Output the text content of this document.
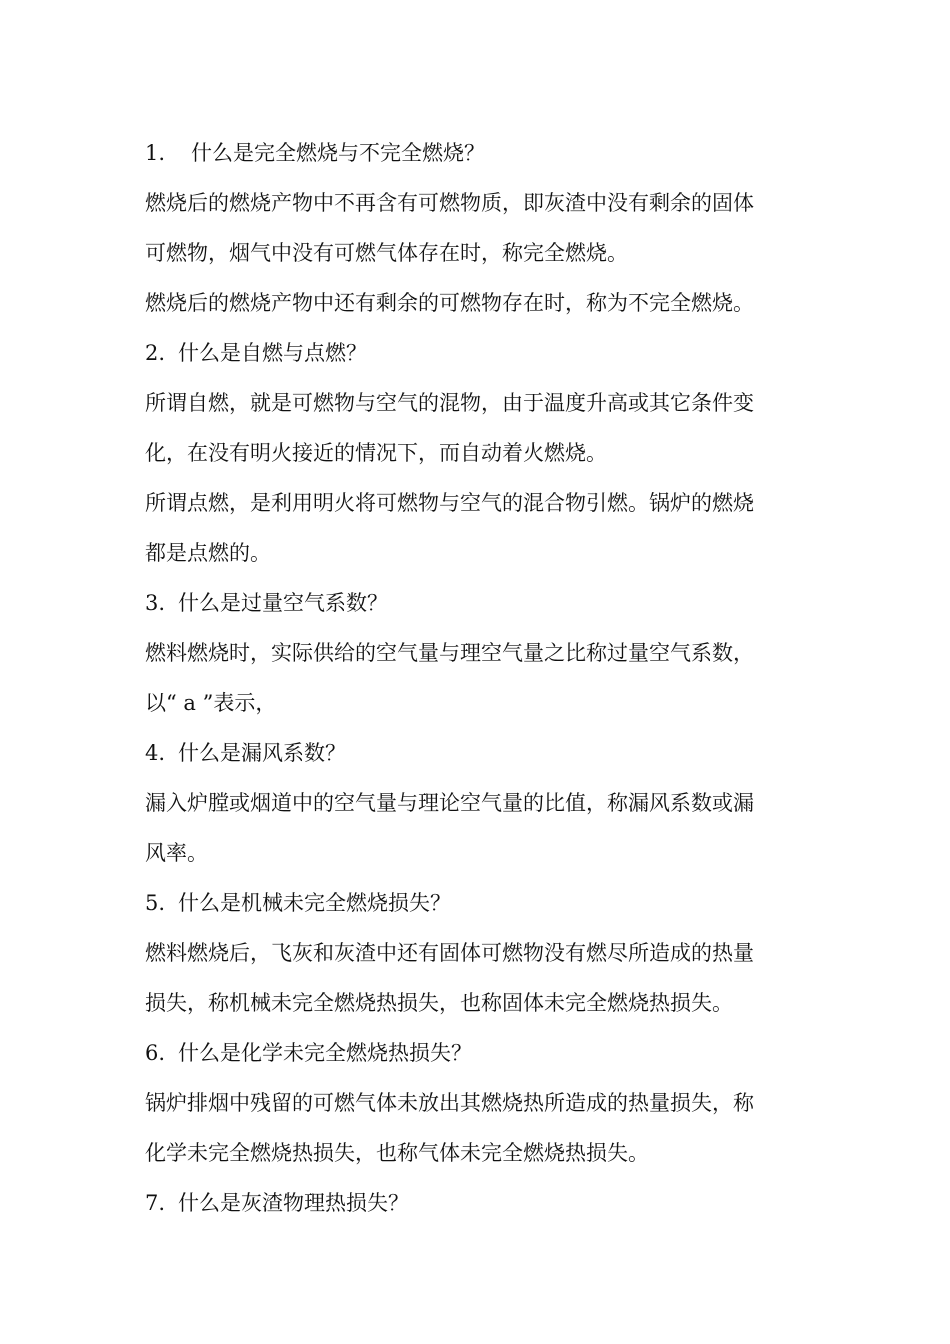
1. 什么是完全燃烧与不完全燃烧？
燃烧后的燃烧产物中不再含有可燃物质，即灰渣中没有剩余的固体
可燃物，烟气中没有可燃气体存在时，称完全燃烧。
燃烧后的燃烧产物中还有剩余的可燃物存在时，称为不完全燃烧。
2. 什么是自燃与点燃？
所谓自燃，就是可燃物与空气的混物，由于温度升高或其它条件变
化，在没有明火接近的情况下，而自动着火燃烧。
所谓点燃，是利用明火将可燃物与空气的混合物引燃。锅炉的燃烧
都是点燃的。
3. 什么是过量空气系数？
燃料燃烧时，实际供给的空气量与理空气量之比称过量空气系数，
以“ a ”表示，
4. 什么是漏风系数？
漏入炉膛或烟道中的空气量与理论空气量的比值，称漏风系数或漏
风率。
5. 什么是机械未完全燃烧损失？
燃料燃烧后，飞灰和灰渣中还有固体可燃物没有燃尽所造成的热量
损失，称机械未完全燃烧热损失，也称固体未完全燃烧热损失。
6. 什么是化学未完全燃烧热损失？
锅炉排烟中残留的可燃气体未放出其燃烧热所造成的热量损失，称
化学未完全燃烧热损失，也称气体未完全燃烧热损失。
7. 什么是灰渣物理热损失？
